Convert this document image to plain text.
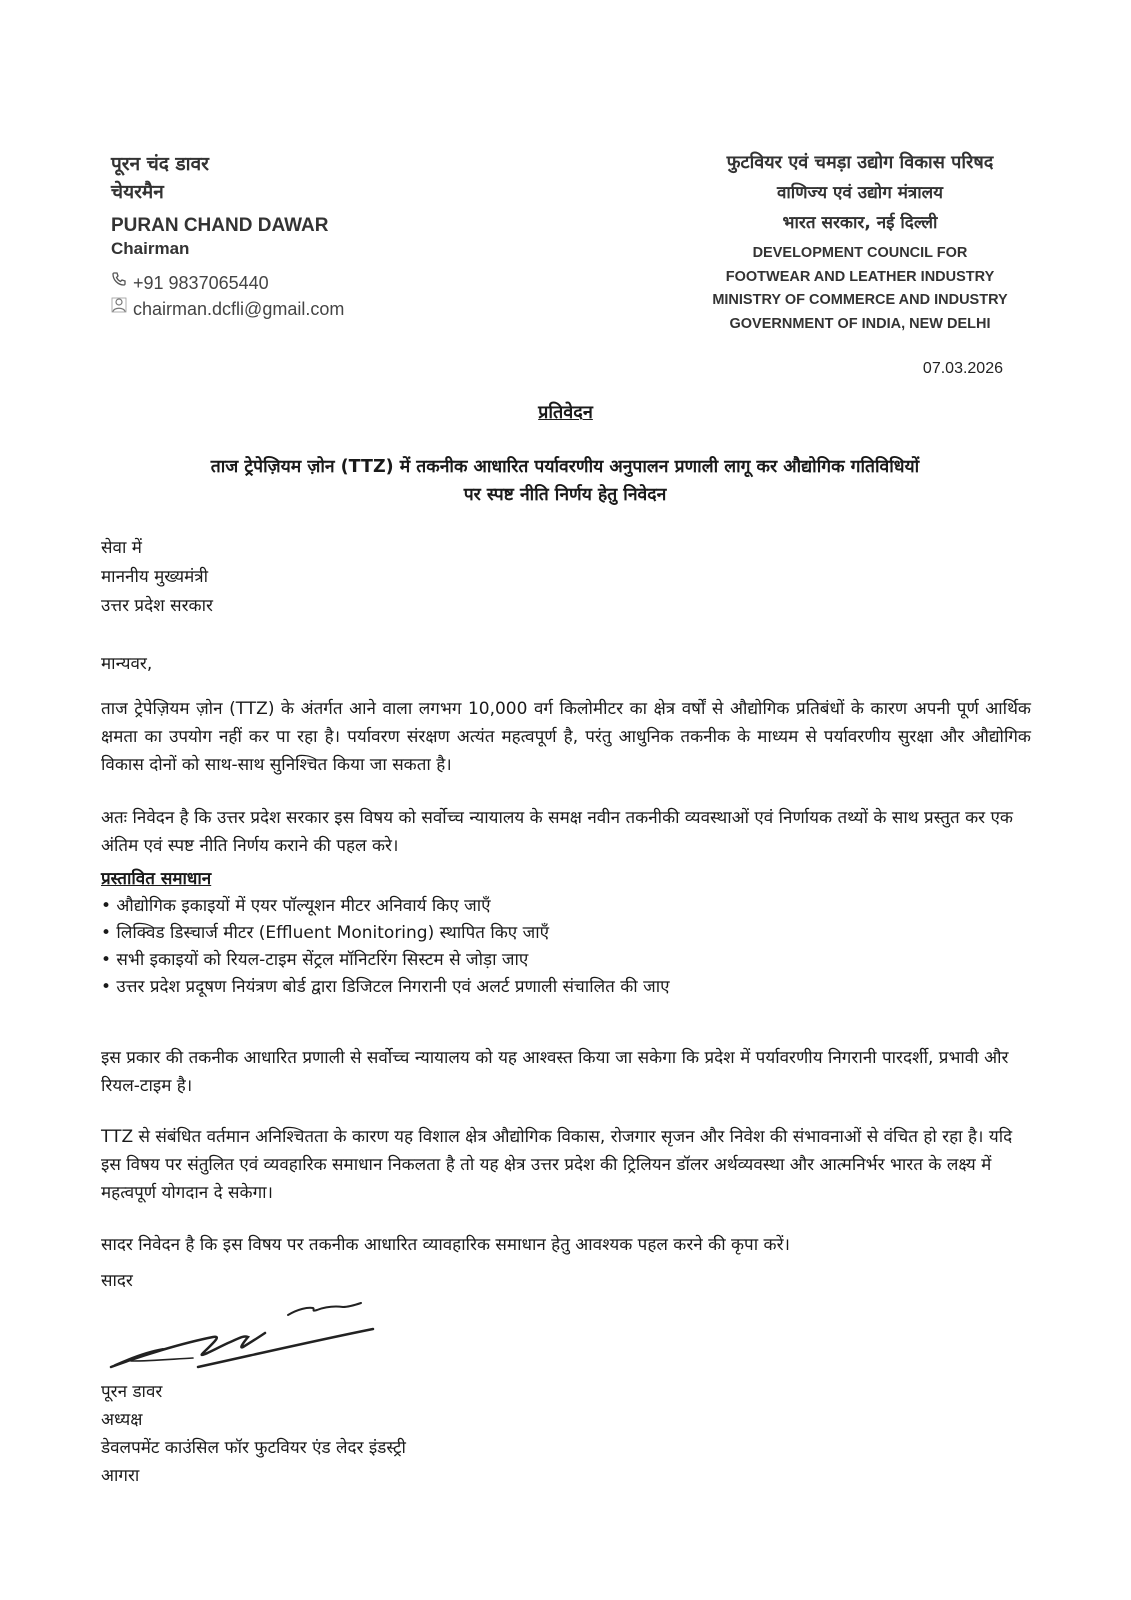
पूरन चंद डावर
चेयरमैन
PURAN CHAND DAWAR
Chairman
+91 9837065440
chairman.dcfli@gmail.com
फुटवियर एवं चमड़ा उद्योग विकास परिषद
वाणिज्य एवं उद्योग मंत्रालय
भारत सरकार, नई दिल्ली
DEVELOPMENT COUNCIL FOR
FOOTWEAR AND LEATHER INDUSTRY
MINISTRY OF COMMERCE AND INDUSTRY
GOVERNMENT OF INDIA, NEW DELHI
07.03.2026
प्रतिवेदन
ताज ट्रेपेज़ियम ज़ोन (TTZ) में तकनीक आधारित पर्यावरणीय अनुपालन प्रणाली लागू कर औद्योगिक गतिविधियों
पर स्पष्ट नीति निर्णय हेतु निवेदन
सेवा में
माननीय मुख्यमंत्री
उत्तर प्रदेश सरकार
मान्यवर,

ताज ट्रेपेज़ियम ज़ोन (TTZ) के अंतर्गत आने वाला लगभग 10,000 वर्ग किलोमीटर का क्षेत्र वर्षों से औद्योगिक प्रतिबंधों के कारण अपनी पूर्ण आर्थिक क्षमता का उपयोग नहीं कर पा रहा है। पर्यावरण संरक्षण अत्यंत महत्वपूर्ण है, परंतु आधुनिक तकनीक के माध्यम से पर्यावरणीय सुरक्षा और औद्योगिक विकास दोनों को साथ-साथ सुनिश्चित किया जा सकता है।

अतः निवेदन है कि उत्तर प्रदेश सरकार इस विषय को सर्वोच्च न्यायालय के समक्ष नवीन तकनीकी व्यवस्थाओं एवं निर्णायक तथ्यों के साथ प्रस्तुत कर एक अंतिम एवं स्पष्ट नीति निर्णय कराने की पहल करे।

प्रस्तावित समाधान
• औद्योगिक इकाइयों में एयर पॉल्यूशन मीटर अनिवार्य किए जाएँ
• लिक्विड डिस्चार्ज मीटर (Effluent Monitoring) स्थापित किए जाएँ
• सभी इकाइयों को रियल-टाइम सेंट्रल मॉनिटरिंग सिस्टम से जोड़ा जाए
• उत्तर प्रदेश प्रदूषण नियंत्रण बोर्ड द्वारा डिजिटल निगरानी एवं अलर्ट प्रणाली संचालित की जाए

इस प्रकार की तकनीक आधारित प्रणाली से सर्वोच्च न्यायालय को यह आश्वस्त किया जा सकेगा कि प्रदेश में पर्यावरणीय निगरानी पारदर्शी, प्रभावी और रियल-टाइम है।

TTZ से संबंधित वर्तमान अनिश्चितता के कारण यह विशाल क्षेत्र औद्योगिक विकास, रोजगार सृजन और निवेश की संभावनाओं से वंचित हो रहा है। यदि इस विषय पर संतुलित एवं व्यवहारिक समाधान निकलता है तो यह क्षेत्र उत्तर प्रदेश की ट्रिलियन डॉलर अर्थव्यवस्था और आत्मनिर्भर भारत के लक्ष्य में महत्वपूर्ण योगदान दे सकेगा।

सादर निवेदन है कि इस विषय पर तकनीक आधारित व्यावहारिक समाधान हेतु आवश्यक पहल करने की कृपा करें।

सादर
पूरन डावर
अध्यक्ष
डेवलपमेंट काउंसिल फॉर फुटवियर एंड लेदर इंडस्ट्री
आगरा
